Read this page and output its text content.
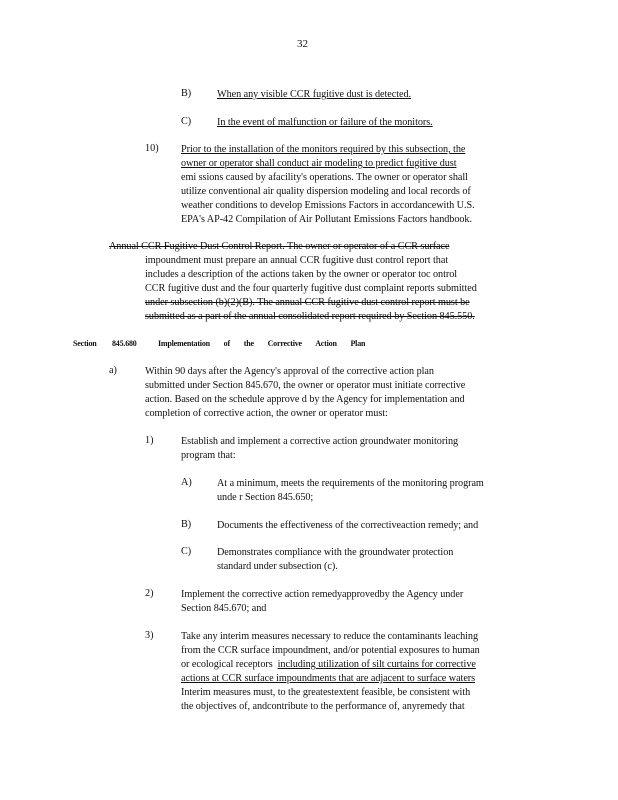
32
B)	When any visible CCR fugitive dust is detected.

C)	In the event of malfunction or failure of the monitors.

10) Prior to the installation of the monitors required by this subsection, the

owner or operator shall conduct air modeling to predict fugitive dust

emi ssions caused by afacility's operations. The owner or operator shall

utilize conventional air quality dispersion modeling and local records of

weather conditions to develop Emissions Factors in accordancewith U.S.

EPA's AP-42 Compilation of Air Pollutant Emissions Factors handbook.

Annual CCR Fugitive Dust Control Report. The owner or operator of a CCR surface

impoundment must prepare an annual CCR fugitive dust control report that

includes a description of the actions taken by the owner or operator toc ontrol

CCR fugitive dust and the four quarterly fugitive dust complaint reports submitted

under subsection (b)(2)(B). The annual CCR fugitive dust control report must be

submitted as a part of the annual consolidated report required by Section 845.550.

Section 845.680	Implementation of the Corrective Action Plan
a)	Within 90 days after the Agency's approval of the corrective action plan

submitted under Section 845.670, the owner or operator must initiate corrective

action. Based on the schedule approve d by the Agency for implementation and

completion of corrective action, the owner or operator must:

1)	Establish and implement a corrective action groundwater monitoring

program that:

A) At a minimum, meets the requirements of the monitoring program

unde r Section 845.650;

B)	Documents the effectiveness of the correctiveaction remedy; and

C)	Demonstrates compliance with the groundwater protection

standard under subsection (c).

2)	Implement the corrective action remedyapprovedby the Agency under

Section 845.670; and

3)	Take any interim measures necessary to reduce the contaminants leaching

from the CCR surface impoundment, and/or potential exposures to human

or ecological receptors including utilization of silt curtains for corrective

actions at CCR surface impoundments that are adjacent to surface waters

Interim measures must, to the greatestextent feasible, be consistent with

the objectives of, andcontribute to the performance of, anyremedy that
